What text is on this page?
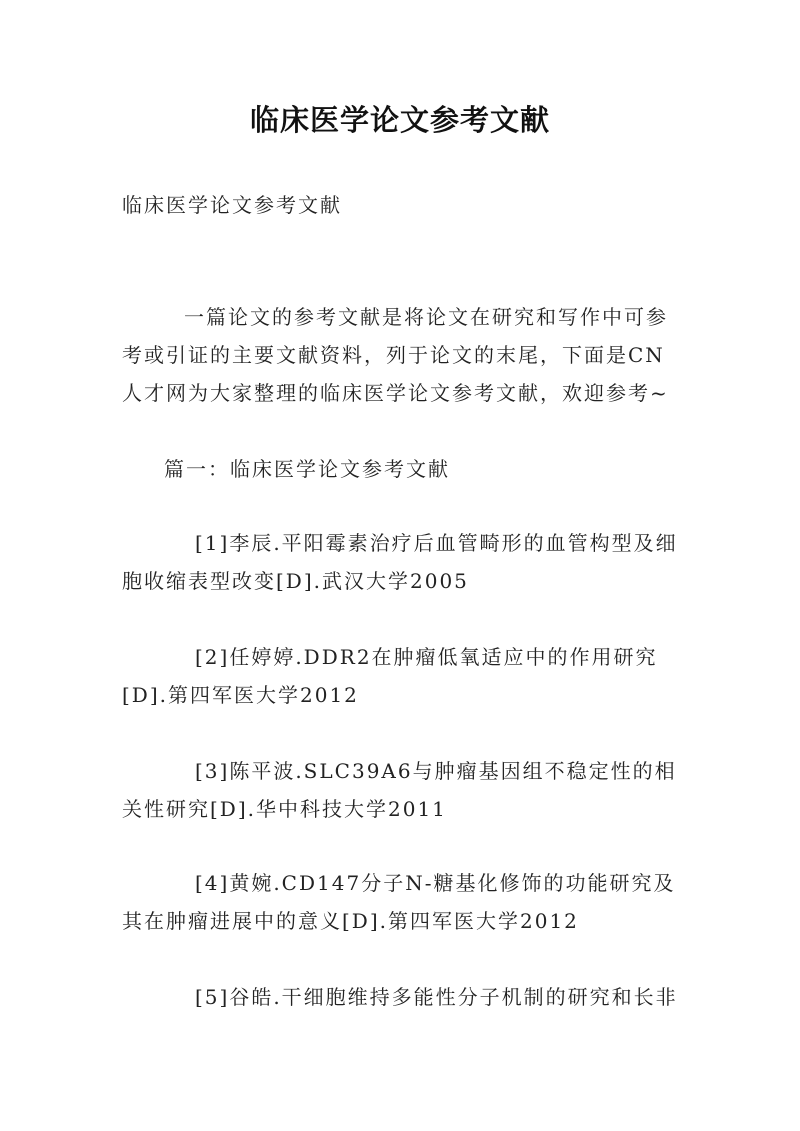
临床医学论文参考文献
临床医学论文参考文献
一篇论文的参考文献是将论文在研究和写作中可参考或引证的主要文献资料，列于论文的末尾，下面是CN人才网为大家整理的临床医学论文参考文献，欢迎参考~
篇一：临床医学论文参考文献
[1]李辰.平阳霉素治疗后血管畸形的血管构型及细胞收缩表型改变[D].武汉大学2005
[2]任婷婷.DDR2在肿瘤低氧适应中的作用研究[D].第四军医大学2012
[3]陈平波.SLC39A6与肿瘤基因组不稳定性的相关性研究[D].华中科技大学2011
[4]黄婉.CD147分子N-糖基化修饰的功能研究及其在肿瘤进展中的意义[D].第四军医大学2012
[5]谷皓.干细胞维持多能性分子机制的研究和长非
